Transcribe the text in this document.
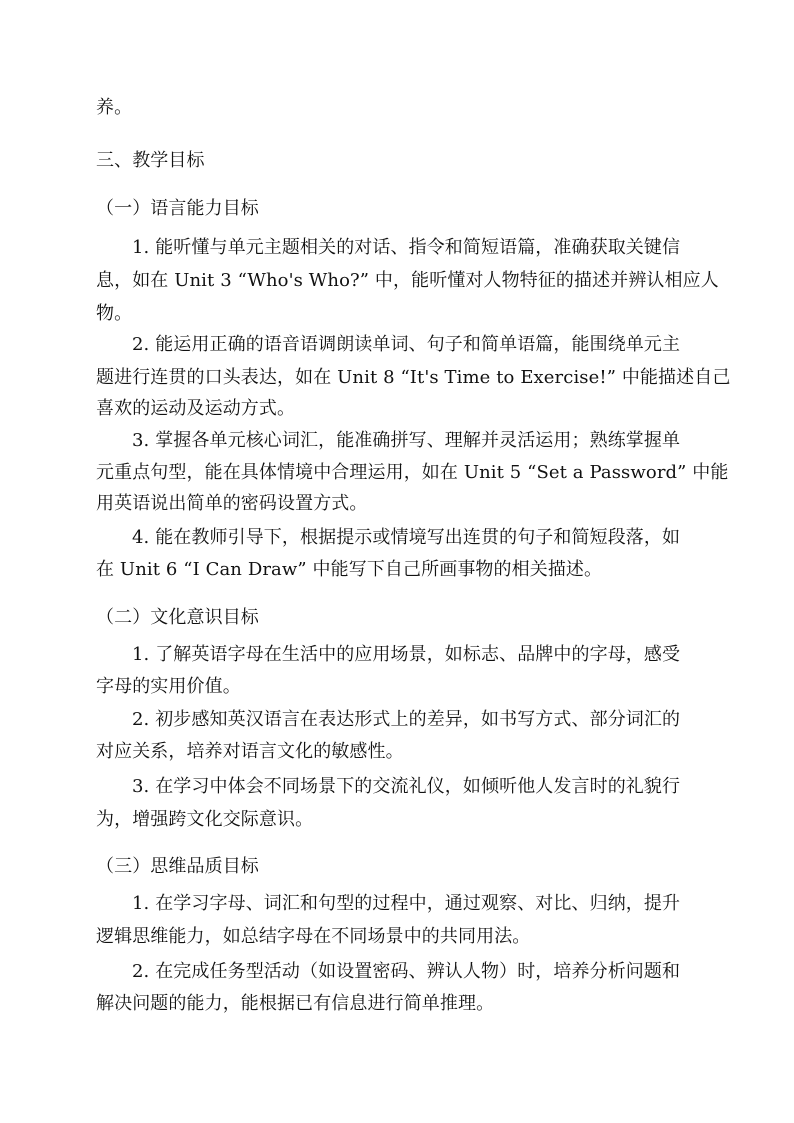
养。
三、教学目标
（一）语言能力目标
1. 能听懂与单元主题相关的对话、指令和简短语篇，准确获取关键信
息，如在 Unit 3 “Who's Who?” 中，能听懂对人物特征的描述并辨认相应人
物。
2. 能运用正确的语音语调朗读单词、句子和简单语篇，能围绕单元主
题进行连贯的口头表达，如在 Unit 8 “It's Time to Exercise!” 中能描述自己
喜欢的运动及运动方式。
3. 掌握各单元核心词汇，能准确拼写、理解并灵活运用；熟练掌握单
元重点句型，能在具体情境中合理运用，如在 Unit 5 “Set a Password” 中能
用英语说出简单的密码设置方式。
4. 能在教师引导下，根据提示或情境写出连贯的句子和简短段落，如
在 Unit 6 “I Can Draw” 中能写下自己所画事物的相关描述。
（二）文化意识目标
1. 了解英语字母在生活中的应用场景，如标志、品牌中的字母，感受
字母的实用价值。
2. 初步感知英汉语言在表达形式上的差异，如书写方式、部分词汇的
对应关系，培养对语言文化的敏感性。
3. 在学习中体会不同场景下的交流礼仪，如倾听他人发言时的礼貌行
为，增强跨文化交际意识。
（三）思维品质目标
1. 在学习字母、词汇和句型的过程中，通过观察、对比、归纳，提升
逻辑思维能力，如总结字母在不同场景中的共同用法。
2. 在完成任务型活动（如设置密码、辨认人物）时，培养分析问题和
解决问题的能力，能根据已有信息进行简单推理。
